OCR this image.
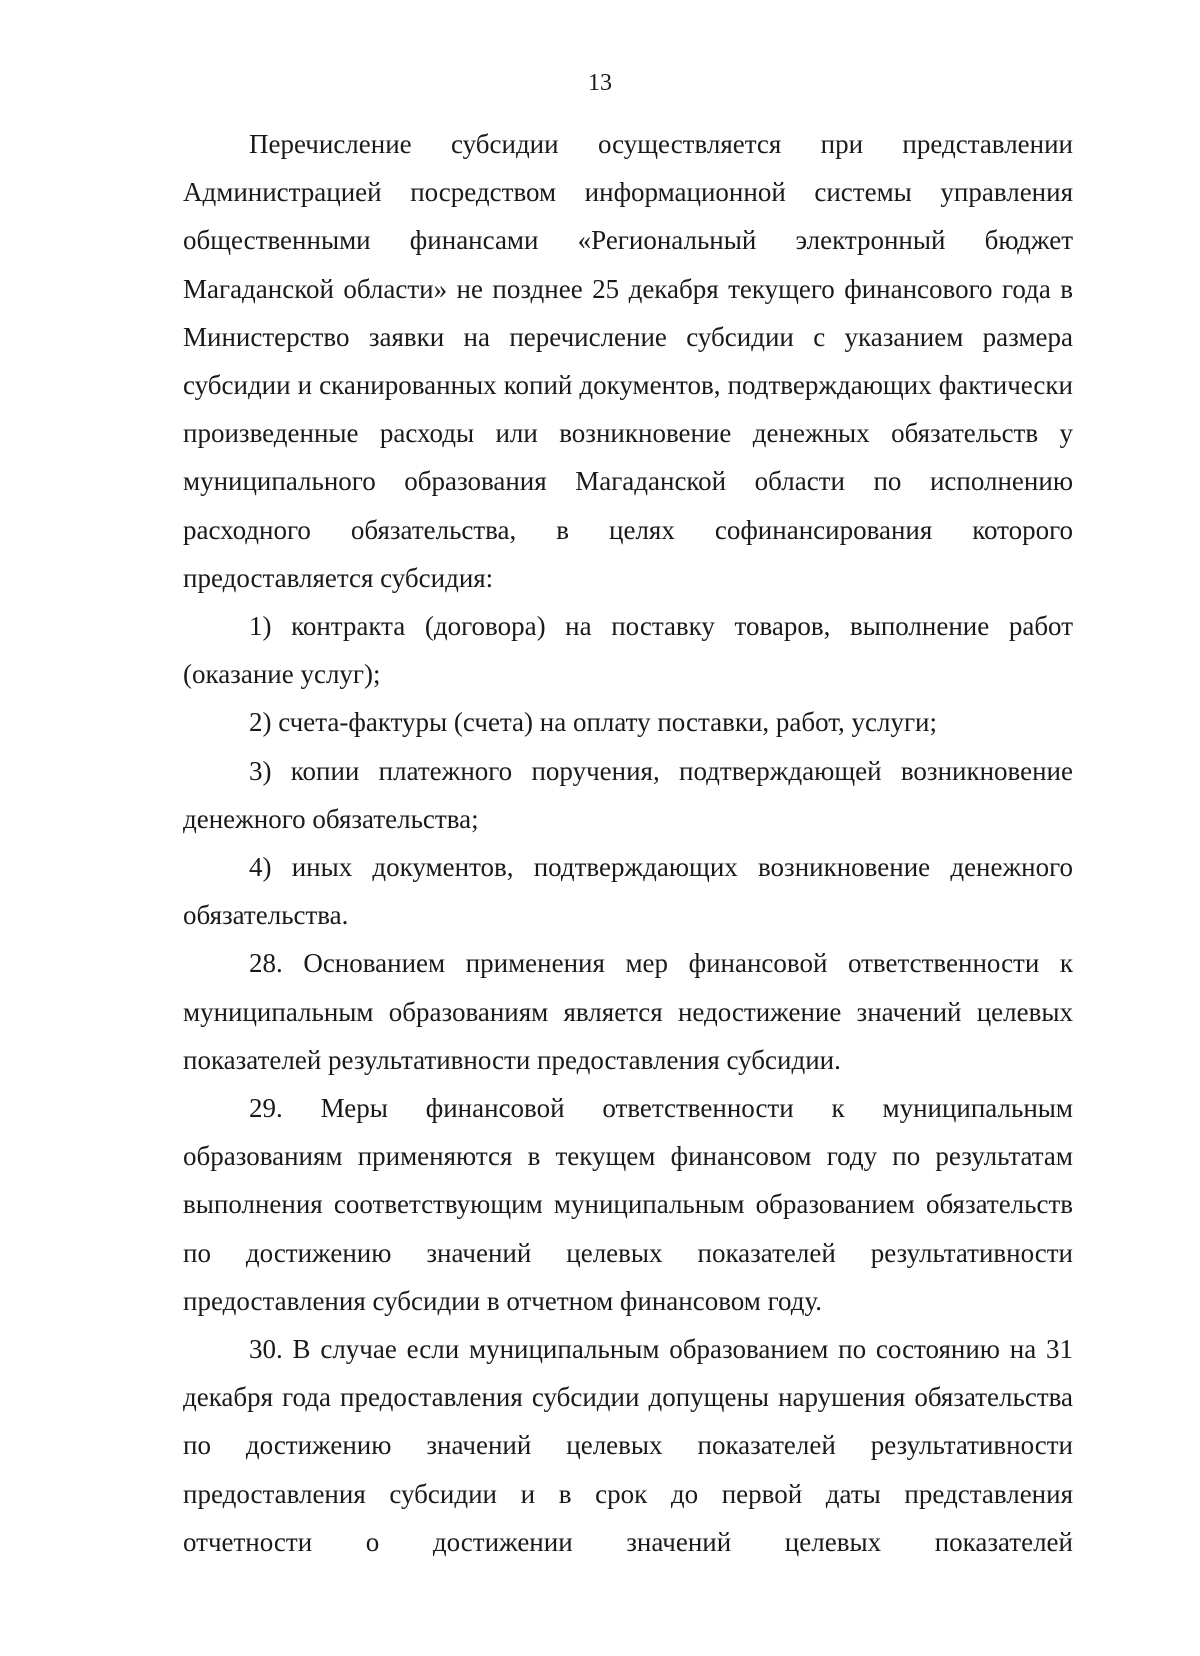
13

Перечисление субсидии осуществляется при представлении Администрацией посредством информационной системы управления общественными финансами «Региональный электронный бюджет Магаданской области» не позднее 25 декабря текущего финансового года в Министерство заявки на перечисление субсидии с указанием размера субсидии и сканированных копий документов, подтверждающих фактически произведенные расходы или возникновение денежных обязательств у муниципального образования Магаданской области по исполнению расходного обязательства, в целях софинансирования которого предоставляется субсидия:

1) контракта (договора) на поставку товаров, выполнение работ (оказание услуг);

2) счета-фактуры (счета) на оплату поставки, работ, услуги;

3) копии платежного поручения, подтверждающей возникновение денежного обязательства;

4) иных документов, подтверждающих возникновение денежного обязательства.

28. Основанием применения мер финансовой ответственности к муниципальным образованиям является недостижение значений целевых показателей результативности предоставления субсидии.

29. Меры финансовой ответственности к муниципальным образованиям применяются в текущем финансовом году по результатам выполнения соответствующим муниципальным образованием обязательств по достижению значений целевых показателей результативности предоставления субсидии в отчетном финансовом году.

30. В случае если муниципальным образованием по состоянию на 31 декабря года предоставления субсидии допущены нарушения обязательства по достижению значений целевых показателей результативности предоставления субсидии и в срок до первой даты представления отчетности о достижении значений целевых показателей
